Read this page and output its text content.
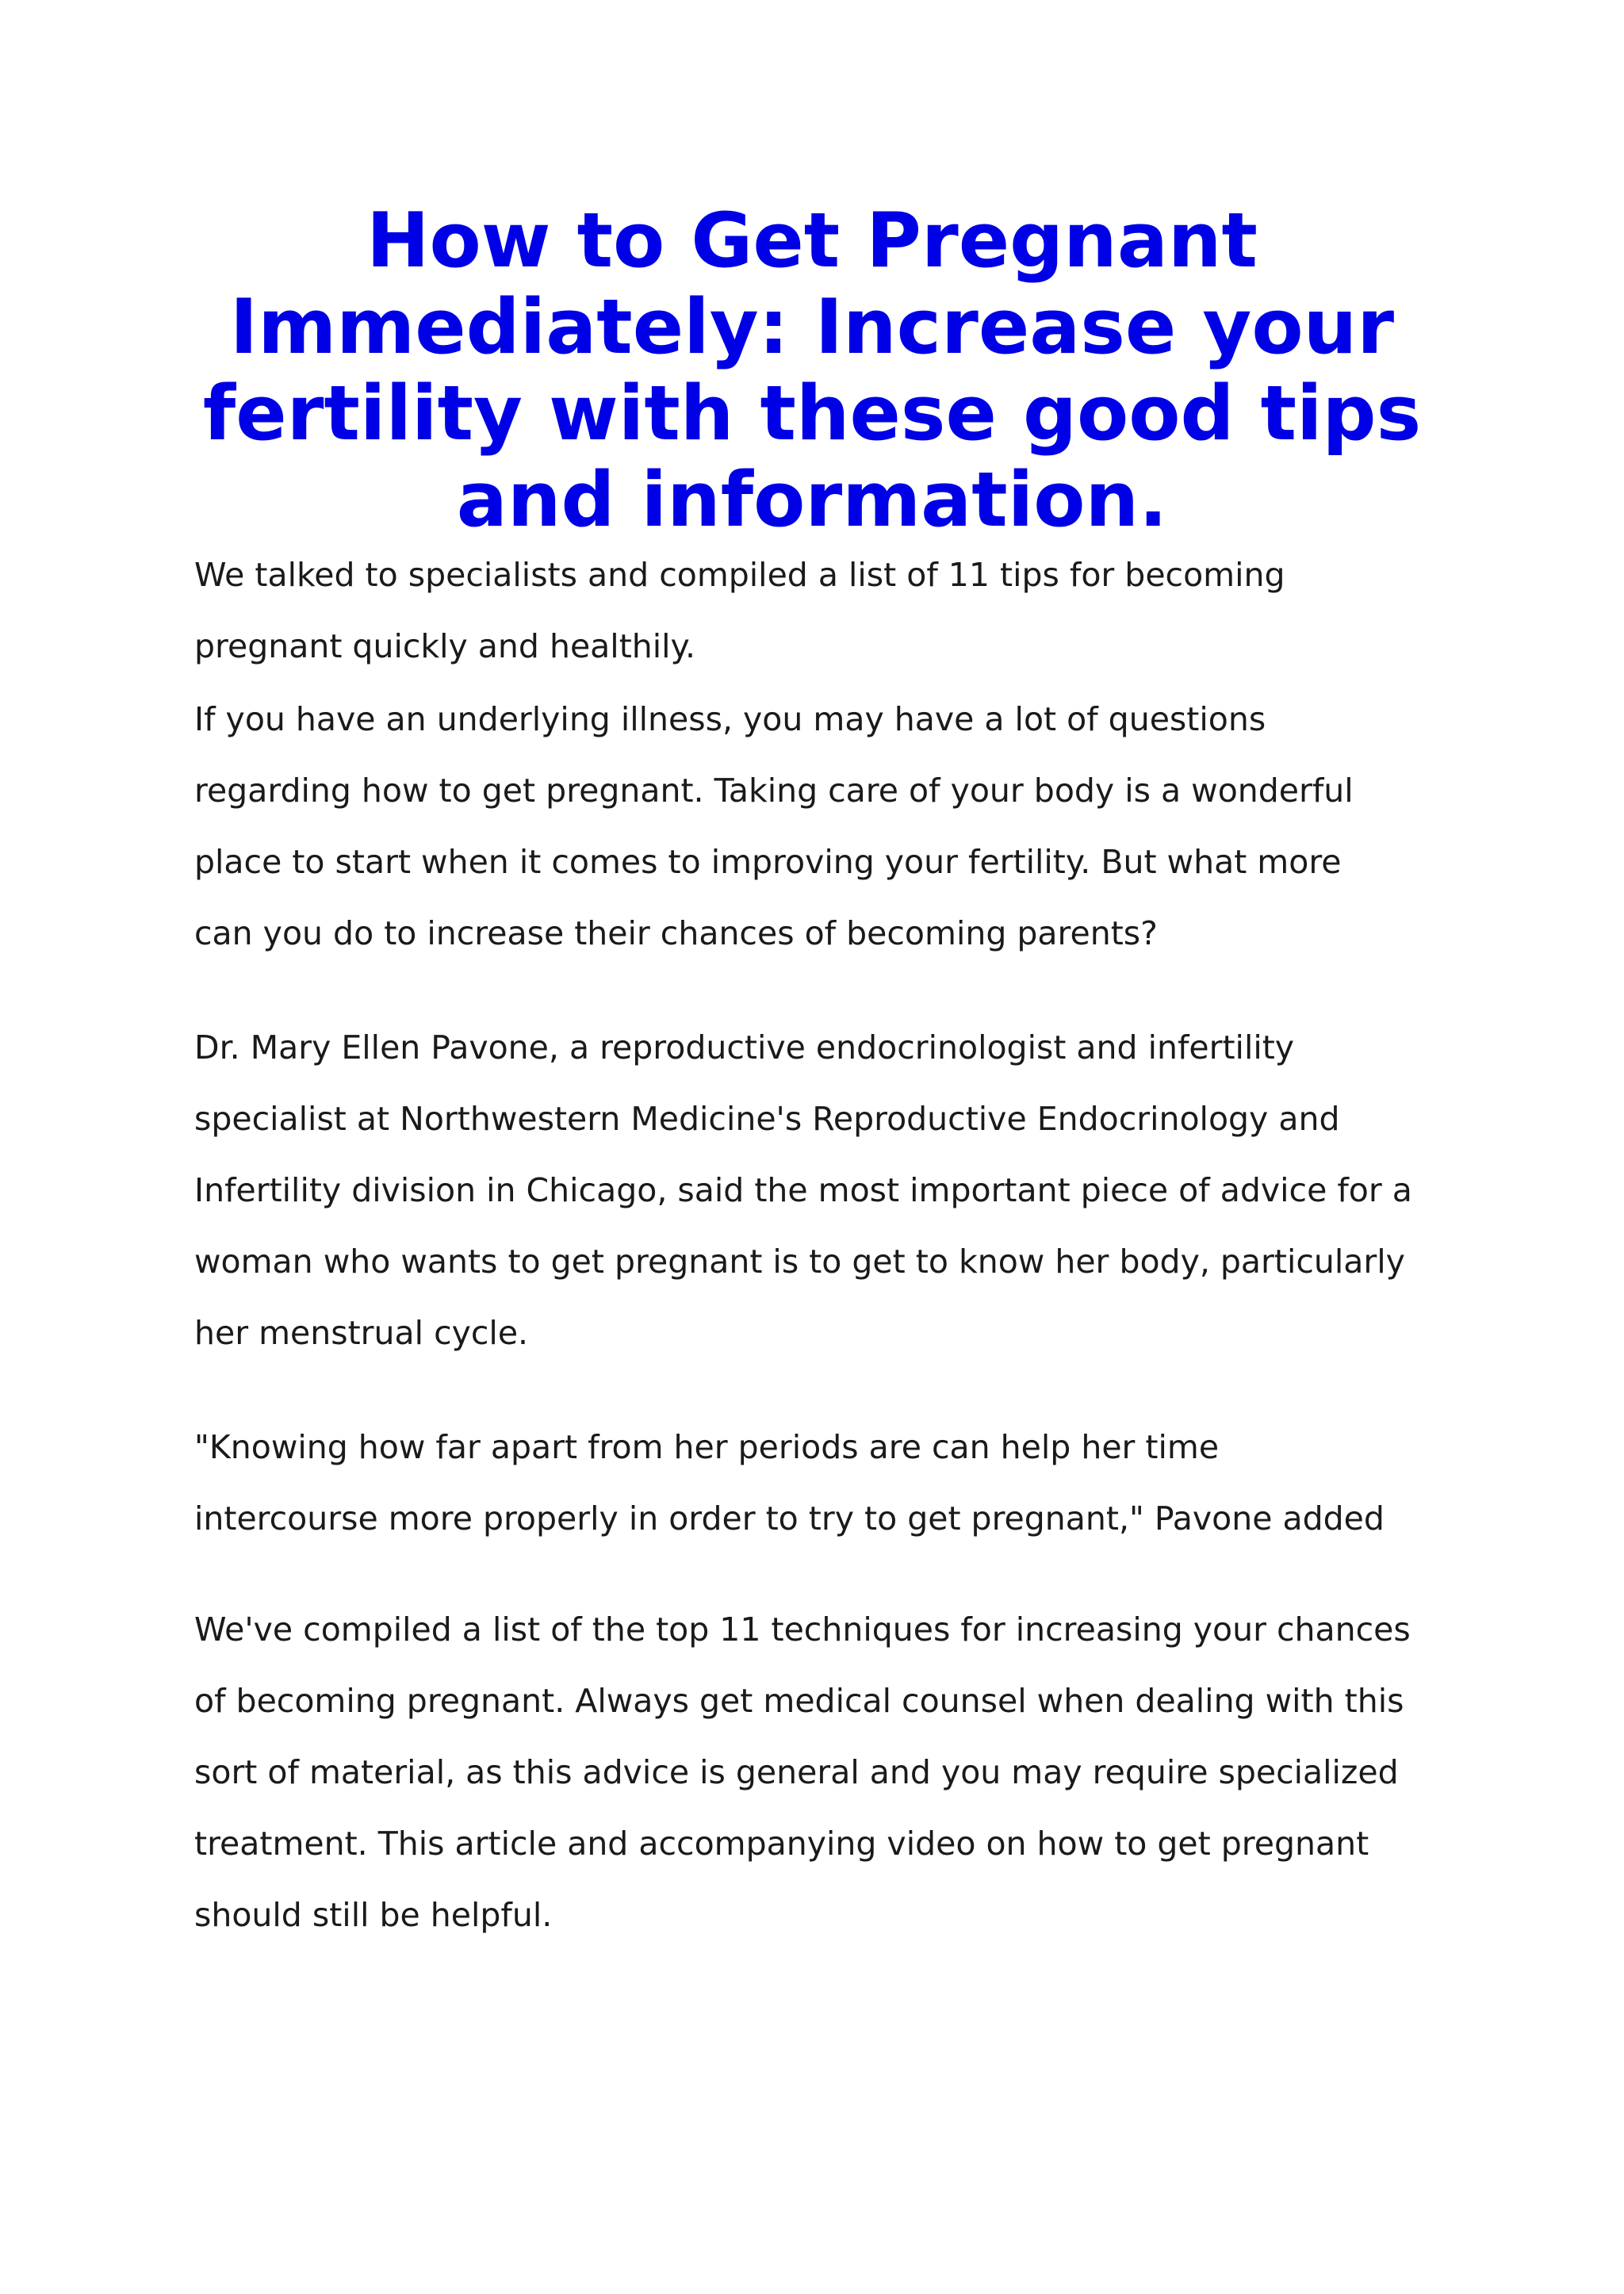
How to Get Pregnant Immediately: Increase your fertility with these good tips and information.

We talked to specialists and compiled a list of 11 tips for becoming
pregnant quickly and healthily.

If you have an underlying illness, you may have a lot of questions
regarding how to get pregnant. Taking care of your body is a wonderful
place to start when it comes to improving your fertility. But what more
can you do to increase their chances of becoming parents?

Dr. Mary Ellen Pavone, a reproductive endocrinologist and infertility
specialist at Northwestern Medicine's Reproductive Endocrinology and
Infertility division in Chicago, said the most important piece of advice for a
woman who wants to get pregnant is to get to know her body, particularly
her menstrual cycle.

"Knowing how far apart from her periods are can help her time
intercourse more properly in order to try to get pregnant," Pavone added

We've compiled a list of the top 11 techniques for increasing your chances
of becoming pregnant. Always get medical counsel when dealing with this
sort of material, as this advice is general and you may require specialized
treatment. This article and accompanying video on how to get pregnant
should still be helpful.
